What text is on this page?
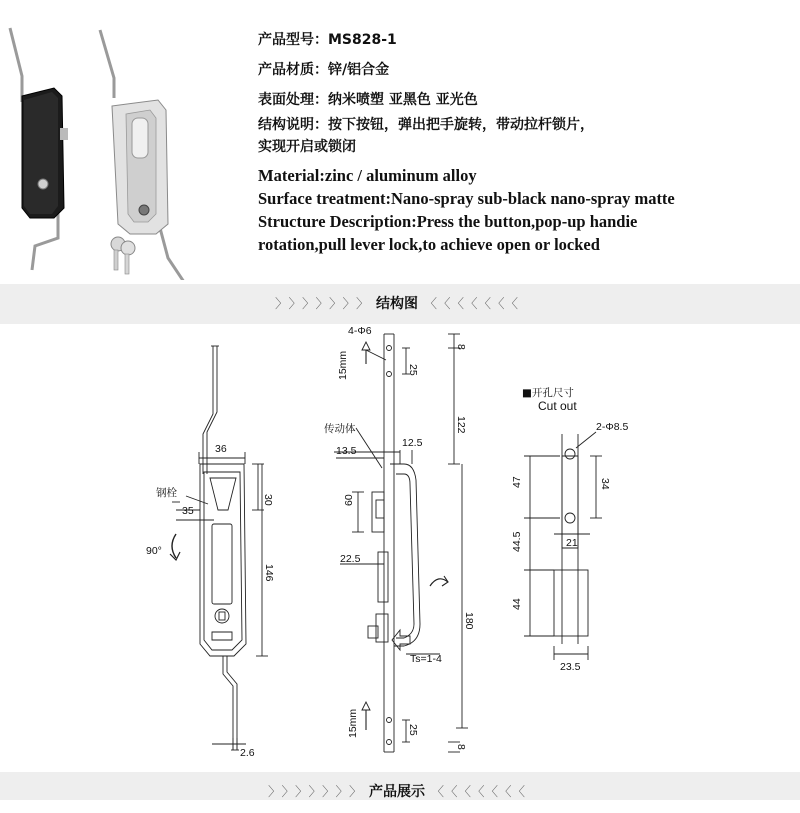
产品型号：MS828-1
产品材质：锌/铝合金
表面处理：纳米喷塑 亚黑色 亚光色
结构说明：按下按钮，弹出把手旋转，带动拉杆锁片，
实现开启或锁闭
Material:zinc / aluminum alloy
Surface treatment:Nano-spray sub-black nano-spray matte
Structure Description:Press the button,pop-up handie
rotation,pull lever lock,to achieve open or locked
〉〉〉〉〉〉〉结构图 〈〈〈〈〈〈〈
36
30
146
35
90°
钢栓
2.6
4-Φ6
8
15mm	25
122
传动体
12.5
13.5
60
22.5
180
Ts=1-4
15mm	25
8
■开孔尺寸
Cut out
2-Φ8.5
47	34
21
44.5
44
23.5
〉〉〉〉〉〉〉产品展示 〈〈〈〈〈〈〈
